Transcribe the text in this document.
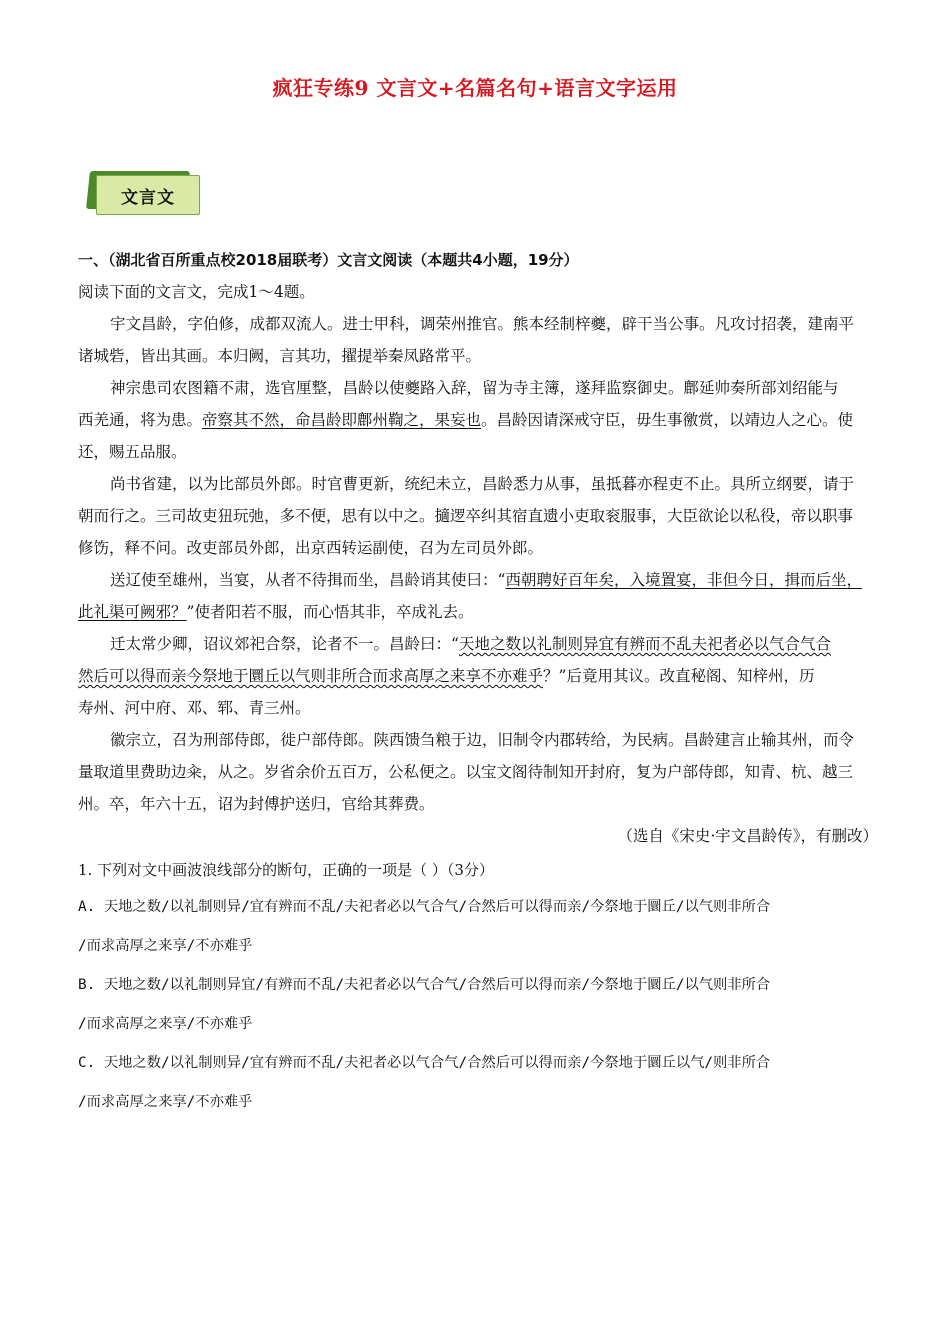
疯狂专练9 文言文+名篇名句+语言文字运用
文言文
一、（湖北省百所重点校2018届联考）文言文阅读（本题共4小题，19分）
阅读下面的文言文，完成1～4题。
宇文昌龄，字伯修，成都双流人。进士甲科，调荣州推官。熊本经制梓夔，辟干当公事。凡攻讨招袭，建南平
诸城砦，皆出其画。本归阙，言其功，擢提举秦凤路常平。
神宗患司农图籍不肃，选官厘整，昌龄以使夔路入辞，留为寺主簿，遂拜监察御史。鄜延帅奏所部刘绍能与
西羌通，将为患。帝察其不然，命昌龄即鄜州鞫之，果妄也。昌龄因请深戒守臣，毋生事徼赏，以靖边人之心。使
还，赐五品服。
尚书省建，以为比部员外郎。时官曹更新，统纪未立，昌龄悉力从事，虽抵暮亦程吏不止。具所立纲要，请于
朝而行之。三司故吏狃玩弛，多不便，思有以中之。擿逻卒纠其宿直遗小吏取衮服事，大臣欲论以私役，帝以职事
修饬，释不问。改吏部员外郎，出京西转运副使，召为左司员外郎。
送辽使至雄州，当宴，从者不待揖而坐，昌龄诮其使曰：“西朝聘好百年矣，入境置宴，非但今日，揖而后坐，
此礼渠可阙邪？”使者阳若不服，而心悟其非，卒成礼去。
迁太常少卿，诏议郊祀合祭，论者不一。昌龄曰：“天地之数以礼制则异宜有辨而不乱夫祀者必以气合气合
然后可以得而亲今祭地于圜丘以气则非所合而求高厚之来享不亦难乎？”后竟用其议。改直秘阁、知梓州，历
寿州、河中府、邓、郓、青三州。
徽宗立，召为刑部侍郎，徙户部侍郎。陕西馈刍粮于边，旧制令内郡转给，为民病。昌龄建言止输其州，而令
量取道里费助边籴，从之。岁省余价五百万，公私便之。以宝文阁待制知开封府，复为户部侍郎，知青、杭、越三
州。卒，年六十五，诏为封傅护送归，官给其葬费。
（选自《宋史·宇文昌龄传》，有删改）
1. 下列对文中画波浪线部分的断句，正确的一项是（ ）（3分）
A. 天地之数/以礼制则异/宜有辨而不乱/夫祀者必以气合气/合然后可以得而亲/今祭地于圜丘/以气则非所合
/而求高厚之来享/不亦难乎
B. 天地之数/以礼制则异宜/有辨而不乱/夫祀者必以气合气/合然后可以得而亲/今祭地于圜丘/以气则非所合
/而求高厚之来享/不亦难乎
C. 天地之数/以礼制则异/宜有辨而不乱/夫祀者必以气合气/合然后可以得而亲/今祭地于圜丘以气/则非所合
/而求高厚之来享/不亦难乎
